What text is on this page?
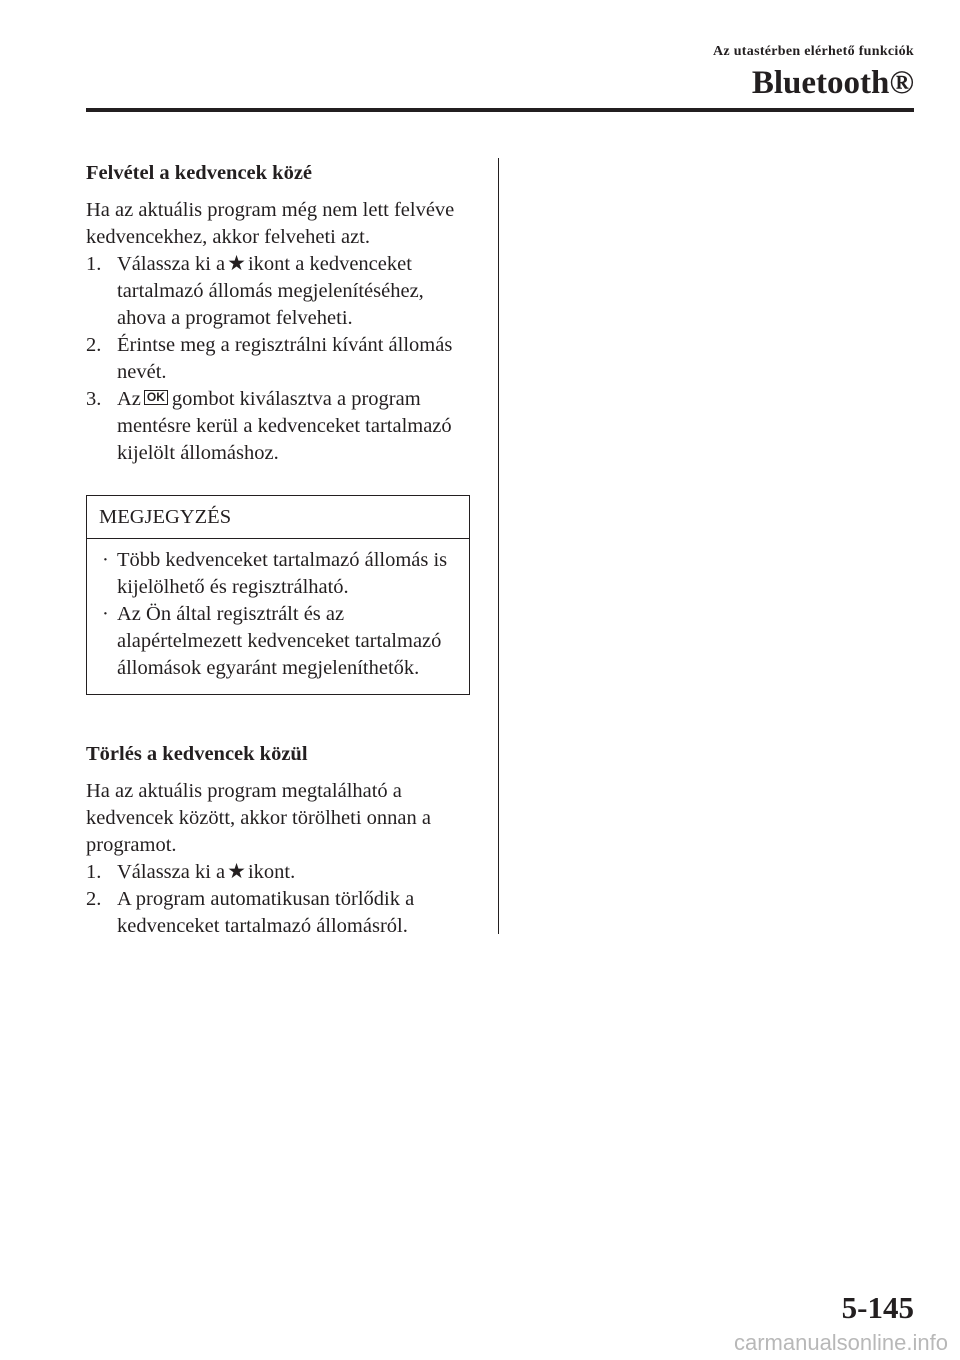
Az utastérben elérhető funkciók
Bluetooth®
Felvétel a kedvencek közé

Ha az aktuális program még nem lett felvéve kedvencekhez, akkor felveheti azt.

1. Válassza ki a★ikont a kedvenceket tartalmazó állomás megjelenítéséhez, ahova a programot felveheti.
2. Érintse meg a regisztrálni kívánt állomás nevét.
3. Az OK gombot kiválasztva a program mentésre kerül a kedvenceket tartalmazó kijelölt állomáshoz.
MEGJEGYZÉS
· Több kedvenceket tartalmazó állomás is kijelölhető és regisztrálható.
· Az Ön által regisztrált és az alapértelmezett kedvenceket tartalmazó állomások egyaránt megjeleníthetők.
Törlés a kedvencek közül

Ha az aktuális program megtalálható a kedvencek között, akkor törölheti onnan a programot.

1. Válassza ki a★ikont.
2. A program automatikusan törlődik a kedvenceket tartalmazó állomásról.
5-145
carmanualsonline.info
